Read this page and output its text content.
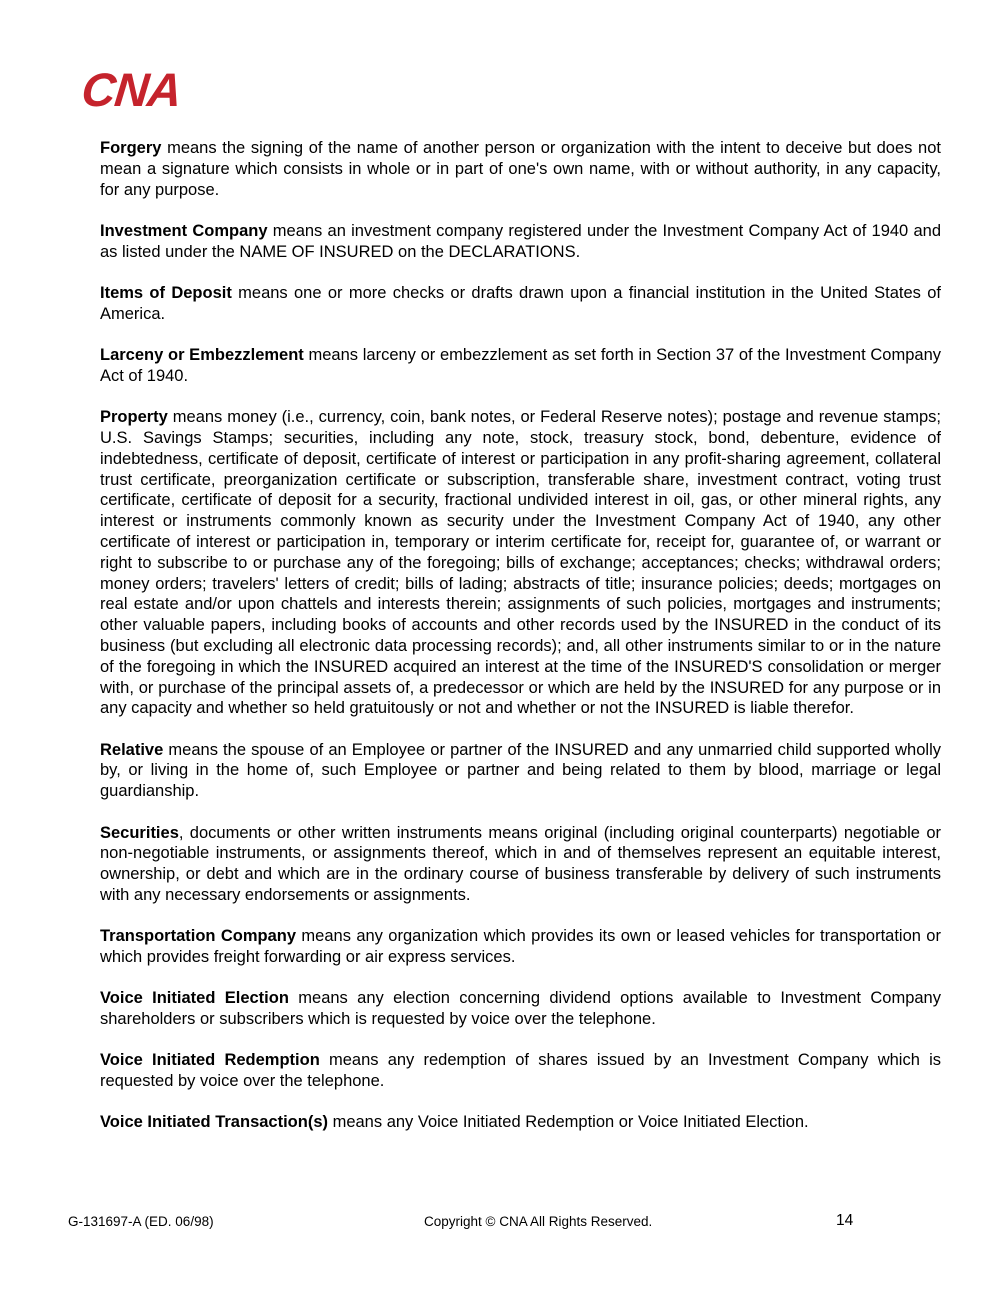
CNA

Forgery means the signing of the name of another person or organization with the intent to deceive but does not mean a signature which consists in whole or in part of one's own name, with or without authority, in any capacity, for any purpose.

Investment Company means an investment company registered under the Investment Company Act of 1940 and as listed under the NAME OF INSURED on the DECLARATIONS.

Items of Deposit means one or more checks or drafts drawn upon a financial institution in the United States of America.

Larceny or Embezzlement means larceny or embezzlement as set forth in Section 37 of the Investment Company Act of 1940.

Property means money (i.e., currency, coin, bank notes, or Federal Reserve notes); postage and revenue stamps; U.S. Savings Stamps; securities, including any note, stock, treasury stock, bond, debenture, evidence of indebtedness, certificate of deposit, certificate of interest or participation in any profit-sharing agreement, collateral trust certificate, preorganization certificate or subscription, transferable share, investment contract, voting trust certificate, certificate of deposit for a security, fractional undivided interest in oil, gas, or other mineral rights, any interest or instruments commonly known as security under the Investment Company Act of 1940, any other certificate of interest or participation in, temporary or interim certificate for, receipt for, guarantee of, or warrant or right to subscribe to or purchase any of the foregoing; bills of exchange; acceptances; checks; withdrawal orders; money orders; travelers' letters of credit; bills of lading; abstracts of title; insurance policies; deeds; mortgages on real estate and/or upon chattels and interests therein; assignments of such policies, mortgages and instruments; other valuable papers, including books of accounts and other records used by the INSURED in the conduct of its business (but excluding all electronic data processing records); and, all other instruments similar to or in the nature of the foregoing in which the INSURED acquired an interest at the time of the INSURED'S consolidation or merger with, or purchase of the principal assets of, a predecessor or which are held by the INSURED for any purpose or in any capacity and whether so held gratuitously or not and whether or not the INSURED is liable therefor.

Relative means the spouse of an Employee or partner of the INSURED and any unmarried child supported wholly by, or living in the home of, such Employee or partner and being related to them by blood, marriage or legal guardianship.

Securities, documents or other written instruments means original (including original counterparts) negotiable or non-negotiable instruments, or assignments thereof, which in and of themselves represent an equitable interest, ownership, or debt and which are in the ordinary course of business transferable by delivery of such instruments with any necessary endorsements or assignments.

Transportation Company means any organization which provides its own or leased vehicles for transportation or which provides freight forwarding or air express services.

Voice Initiated Election means any election concerning dividend options available to Investment Company shareholders or subscribers which is requested by voice over the telephone.

Voice Initiated Redemption means any redemption of shares issued by an Investment Company which is requested by voice over the telephone.

Voice Initiated Transaction(s) means any Voice Initiated Redemption or Voice Initiated Election.

G-131697-A (ED. 06/98)	Copyright © CNA All Rights Reserved.	14
